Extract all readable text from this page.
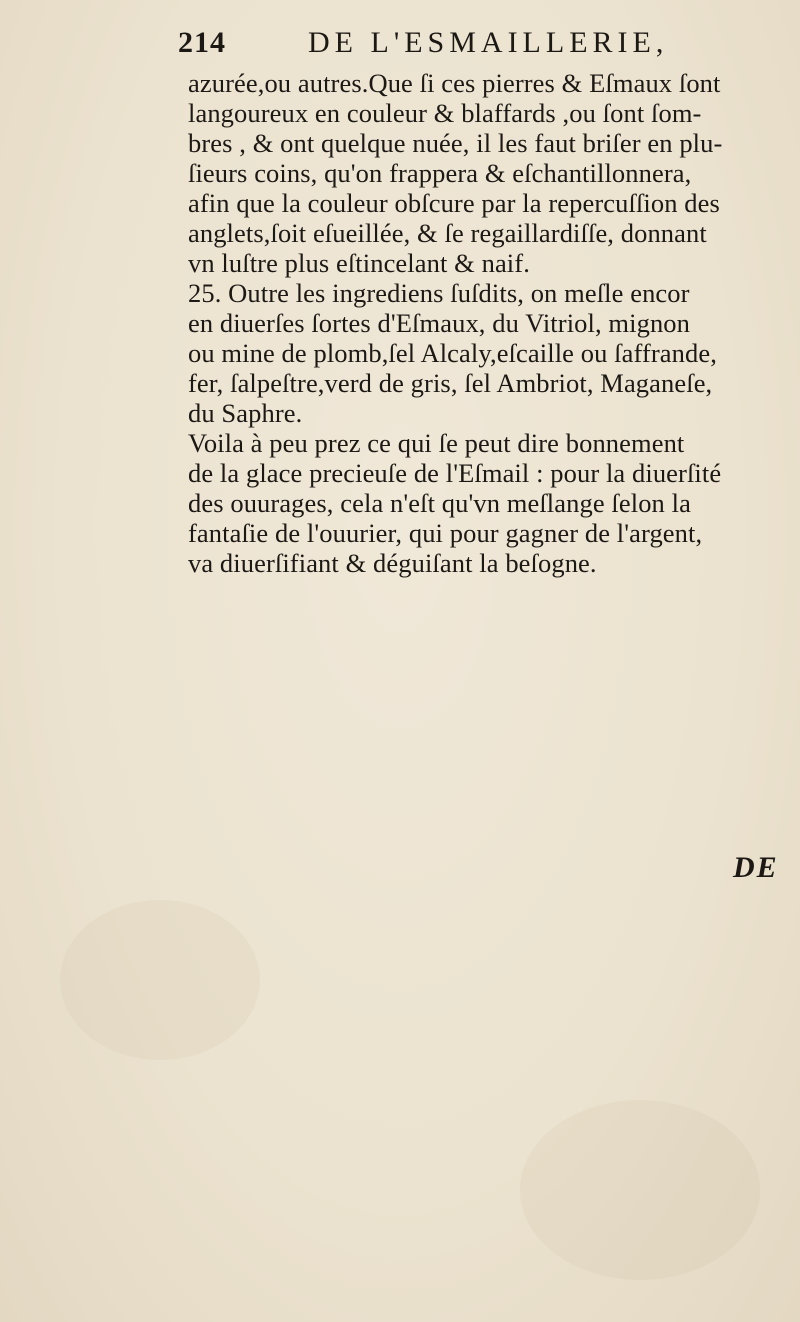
214	DE L'ESMAILLERIE,
azurée,ou autres.Que ſi ces pierres & Eſmaux ſont
langoureux en couleur & blaffards ,ou ſont ſom-
bres , & ont quelque nuée, il les faut briſer en plu-
ſieurs coins, qu'on frappera & eſchantillonnera,
afin que la couleur obſcure par la repercuſſion des
anglets,ſoit eſueillée, & ſe regaillardiſſe, donnant
vn luſtre plus eſtincelant & naif.
25. Outre les ingrediens ſuſdits, on meſle encor
en diuerſes ſortes d'Eſmaux, du Vitriol, mignon
ou mine de plomb,ſel Alcaly,eſcaille ou ſaffrande,
fer, ſalpeſtre,verd de gris, ſel Ambriot, Maganeſe,
du Saphre.
Voila à peu prez ce qui ſe peut dire bonnement
de la glace precieuſe de l'Eſmail : pour la diuerſité
des ouurages, cela n'eſt qu'vn meſlange ſelon la
fantaſie de l'ouurier, qui pour gagner de l'argent,
va diuerſifiant & déguiſant la beſogne.
DE
